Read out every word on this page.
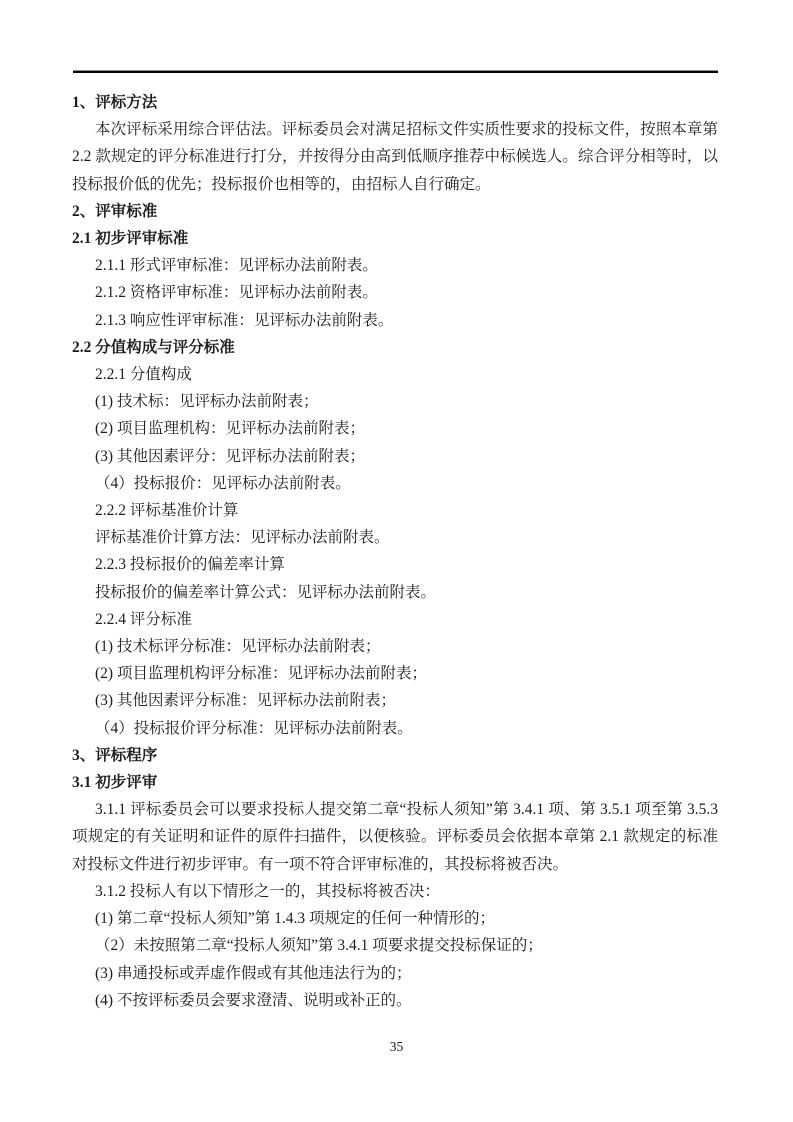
1、评标方法

本次评标采用综合评估法。评标委员会对满足招标文件实质性要求的投标文件，按照本章第 2.2 款规定的评分标准进行打分，并按得分由高到低顺序推荐中标候选人。综合评分相等时，以投标报价低的优先；投标报价也相等的，由招标人自行确定。

2、评审标准

2.1 初步评审标准

2.1.1 形式评审标准：见评标办法前附表。

2.1.2 资格评审标准：见评标办法前附表。

2.1.3 响应性评审标准：见评标办法前附表。

2.2 分值构成与评分标准

2.2.1 分值构成

(1) 技术标：见评标办法前附表；

(2) 项目监理机构：见评标办法前附表；

(3) 其他因素评分：见评标办法前附表；

（4）投标报价：见评标办法前附表。

2.2.2 评标基准价计算

评标基准价计算方法：见评标办法前附表。

2.2.3 投标报价的偏差率计算

投标报价的偏差率计算公式：见评标办法前附表。

2.2.4 评分标准

(1) 技术标评分标准：见评标办法前附表；

(2) 项目监理机构评分标准：见评标办法前附表；

(3) 其他因素评分标准：见评标办法前附表；

（4）投标报价评分标准：见评标办法前附表。

3、评标程序

3.1 初步评审

3.1.1 评标委员会可以要求投标人提交第二章“投标人须知”第 3.4.1 项、第 3.5.1 项至第 3.5.3 项规定的有关证明和证件的原件扫描件，以便核验。评标委员会依据本章第 2.1 款规定的标准对投标文件进行初步评审。有一项不符合评审标准的，其投标将被否决。

3.1.2 投标人有以下情形之一的，其投标将被否决：

(1) 第二章“投标人须知”第 1.4.3 项规定的任何一种情形的；

（2）未按照第二章“投标人须知”第 3.4.1 项要求提交投标保证的；

(3) 串通投标或弄虚作假或有其他违法行为的；

(4) 不按评标委员会要求澄清、说明或补正的。

35
